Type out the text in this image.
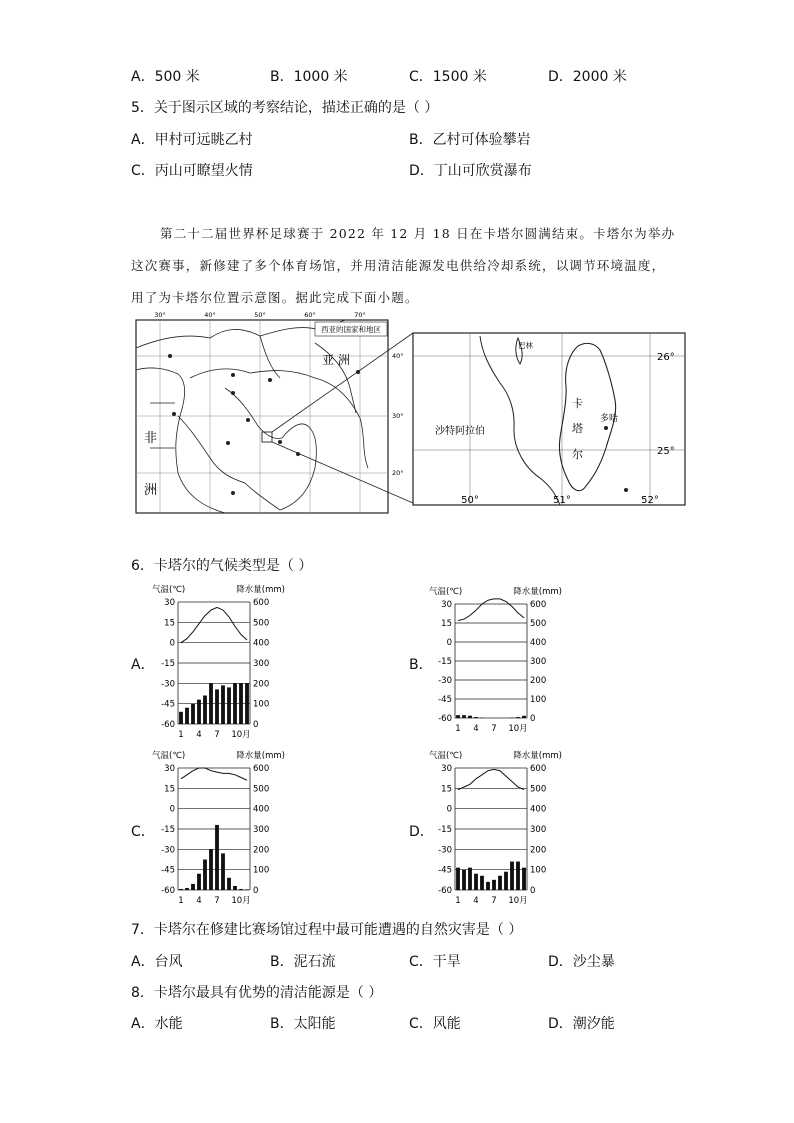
A．500 米	B．1000 米	C．1500 米	D．2000 米
5．关于图示区域的考察结论，描述正确的是（ ）
A．甲村可远眺乙村	B．乙村可体验攀岩
C．丙山可瞭望火情	D．丁山可欣赏瀑布
第二十二届世界杯足球赛于 2022 年 12 月 18 日在卡塔尔圆满结束。卡塔尔为举办
这次赛事，新修建了多个体育场馆，并用清洁能源发电供给冷却系统，以调节环境温度，
用了为卡塔尔位置示意图。据此完成下面小题。
西亚的国家和地区
30°	40°	50°	60°	70°
40°
30°
20°
亚 洲
非
洲
巴林
沙特阿拉伯
卡
塔
尔
多哈
26°
25°
50°	51°	52°
6．卡塔尔的气候类型是（ ）
A．	B．
C．	D．
气温(℃)	降水量(mm)
30	600
15	500
0	400
-15	300
-30	200
-45	100
-60	0
1 4 7 10月
气温(℃)	降水量(mm)
30	600
15	500
0	400
-15	300
-30	200
-45	100
-60	0
1 4 7 10月
气温(℃)	降水量(mm)
30	600
15	500
0	400
-15	300
-30	200
-45	100
-60	0
1 4 7 10月
气温(℃)	降水量(mm)
30	600
15	500
0	400
-15	300
-30	200
-45	100
-60	0
1 4 7 10月
7．卡塔尔在修建比赛场馆过程中最可能遭遇的自然灾害是（ ）
A．台风	B．泥石流	C．干旱	D．沙尘暴
8．卡塔尔最具有优势的清洁能源是（ ）
A．水能	B．太阳能	C．风能	D．潮汐能
